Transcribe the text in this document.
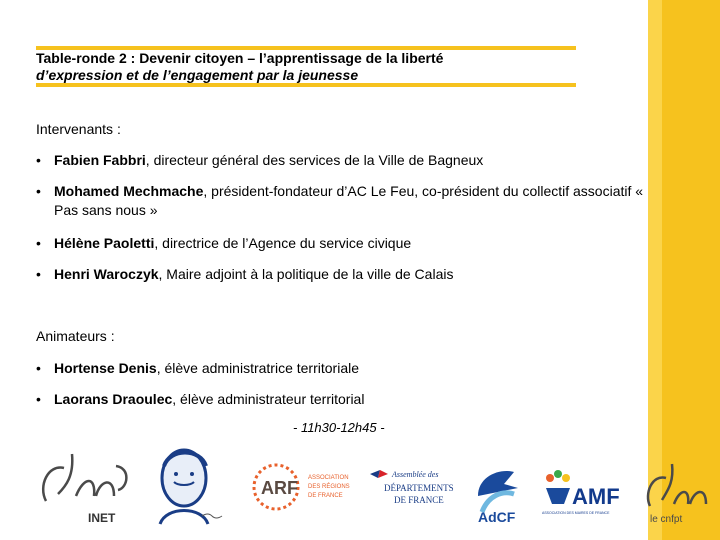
Table-ronde 2 : Devenir citoyen – l’apprentissage de la liberté
d’expression et de l’engagement par la jeunesse
Intervenants :
• Fabien Fabbri, directeur général des services de la Ville de Bagneux
• Mohamed Mechmache, président-fondateur d’AC Le Feu, co-président du collectif associatif « Pas sans nous »
• Hélène Paoletti, directrice de l’Agence du service civique
• Henri Waroczyk, Maire adjoint à la politique de la ville de Calais
Animateurs :
• Hortense Denis, élève administratrice territoriale
• Laorans Draoulec, élève administrateur territorial
- 11h30-12h45 -
INET
ARF ASSOCIATION
DES RÉGIONS
DE FRANCE
Assemblée des
DÉPARTEMENTS
DE FRANCE
AdCF
AMF
ASSOCIATION DES MAIRES DE FRANCE
le cnfpt
